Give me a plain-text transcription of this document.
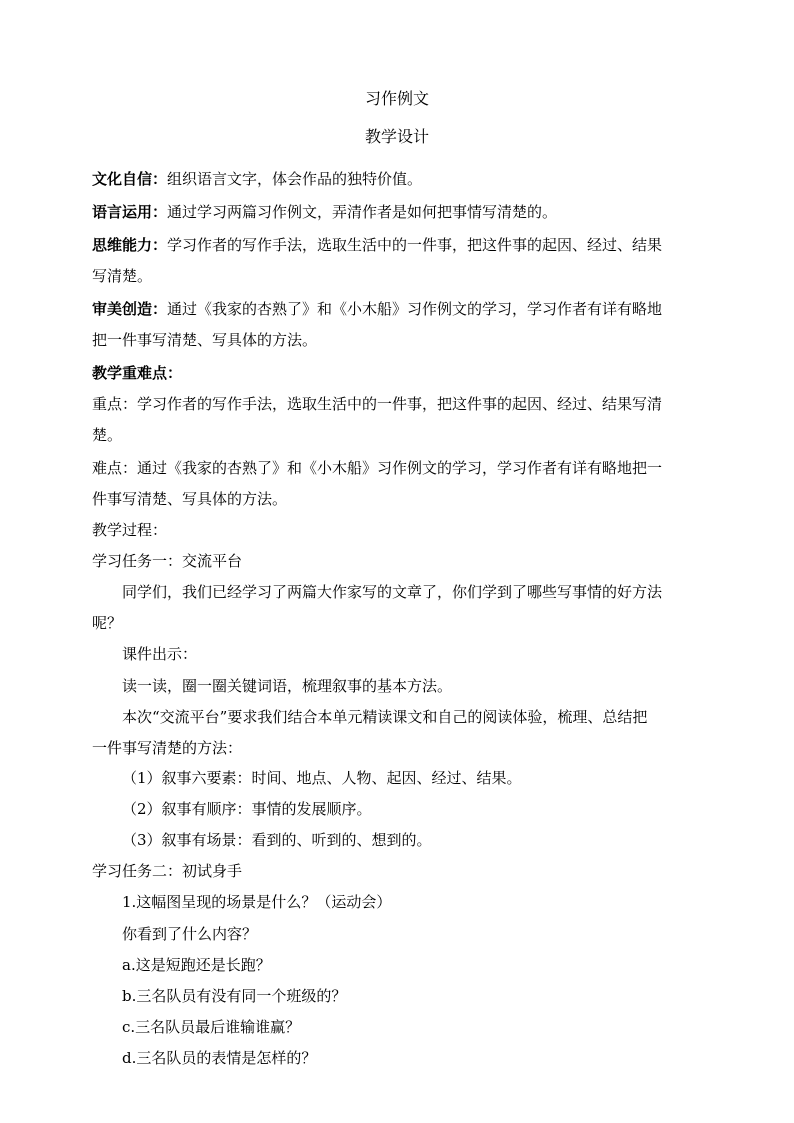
习作例文
教学设计
文化自信：组织语言文字，体会作品的独特价值。
语言运用：通过学习两篇习作例文，弄清作者是如何把事情写清楚的。
思维能力：学习作者的写作手法，选取生活中的一件事，把这件事的起因、经过、结果
写清楚。
审美创造：通过《我家的杏熟了》和《小木船》习作例文的学习，学习作者有详有略地
把一件事写清楚、写具体的方法。
教学重难点：
重点：学习作者的写作手法，选取生活中的一件事，把这件事的起因、经过、结果写清
楚。
难点：通过《我家的杏熟了》和《小木船》习作例文的学习，学习作者有详有略地把一
件事写清楚、写具体的方法。
教学过程：
学习任务一：交流平台
同学们，我们已经学习了两篇大作家写的文章了，你们学到了哪些写事情的好方法
呢？
课件出示：
读一读，圈一圈关键词语，梳理叙事的基本方法。
本次“交流平台”要求我们结合本单元精读课文和自己的阅读体验，梳理、总结把
一件事写清楚的方法：
（1）叙事六要素：时间、地点、人物、起因、经过、结果。
（2）叙事有顺序：事情的发展顺序。
（3）叙事有场景：看到的、听到的、想到的。
学习任务二：初试身手
1.这幅图呈现的场景是什么？（运动会）
你看到了什么内容？
a.这是短跑还是长跑？
b.三名队员有没有同一个班级的？
c.三名队员最后谁输谁赢？
d.三名队员的表情是怎样的？
